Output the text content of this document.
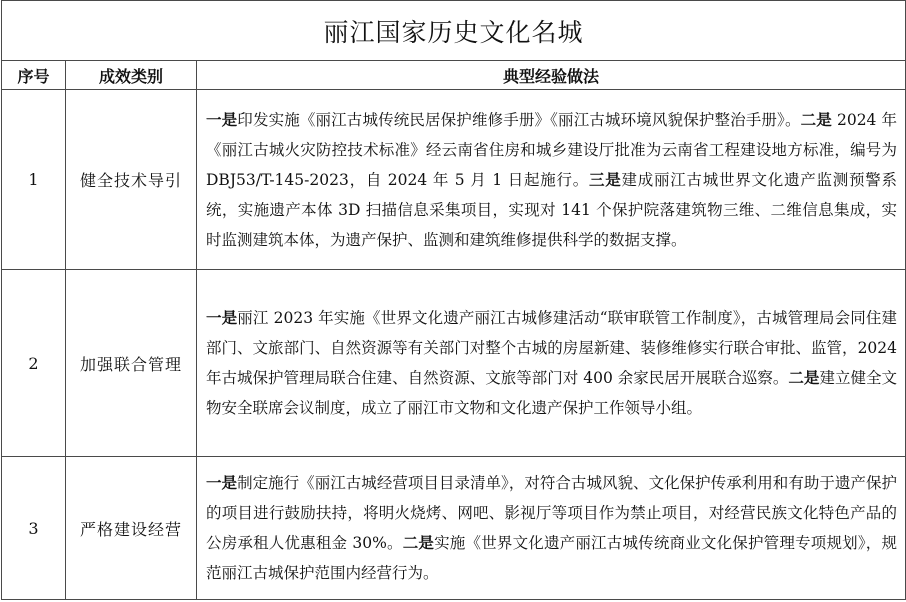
丽江国家历史文化名城		
序号	成效类别	典型经验做法
1	健全技术导引	一是印发实施《丽江古城传统民居保护维修手册》《丽江古城环境风貌保护整治手册》。二是 2024 年《丽江古城火灾防控技术标准》经云南省住房和城乡建设厅批准为云南省工程建设地方标准，编号为 DBJ53/T-145-2023，自 2024 年 5 月 1 日起施行。三是建成丽江古城世界文化遗产监测预警系统，实施遗产本体 3D 扫描信息采集项目，实现对 141 个保护院落建筑物三维、二维信息集成，实时监测建筑本体，为遗产保护、监测和建筑维修提供科学的数据支撑。

2	加强联合管理	一是丽江 2023 年实施《世界文化遗产丽江古城修建活动“联审联管工作制度》，古城管理局会同住建部门、文旅部门、自然资源等有关部门对整个古城的房屋新建、装修维修实行联合审批、监管，2024 年古城保护管理局联合住建、自然资源、文旅等部门对 400 余家民居开展联合巡察。二是建立健全文物安全联席会议制度，成立了丽江市文物和文化遗产保护工作领导小组。

3	严格建设经营	一是制定施行《丽江古城经营项目目录清单》，对符合古城风貌、文化保护传承利用和有助于遗产保护的项目进行鼓励扶持，将明火烧烤、网吧、影视厅等项目作为禁止项目，对经营民族文化特色产品的公房承租人优惠租金 30%。二是实施《世界文化遗产丽江古城传统商业文化保护管理专项规划》，规范丽江古城保护范围内经营行为。
